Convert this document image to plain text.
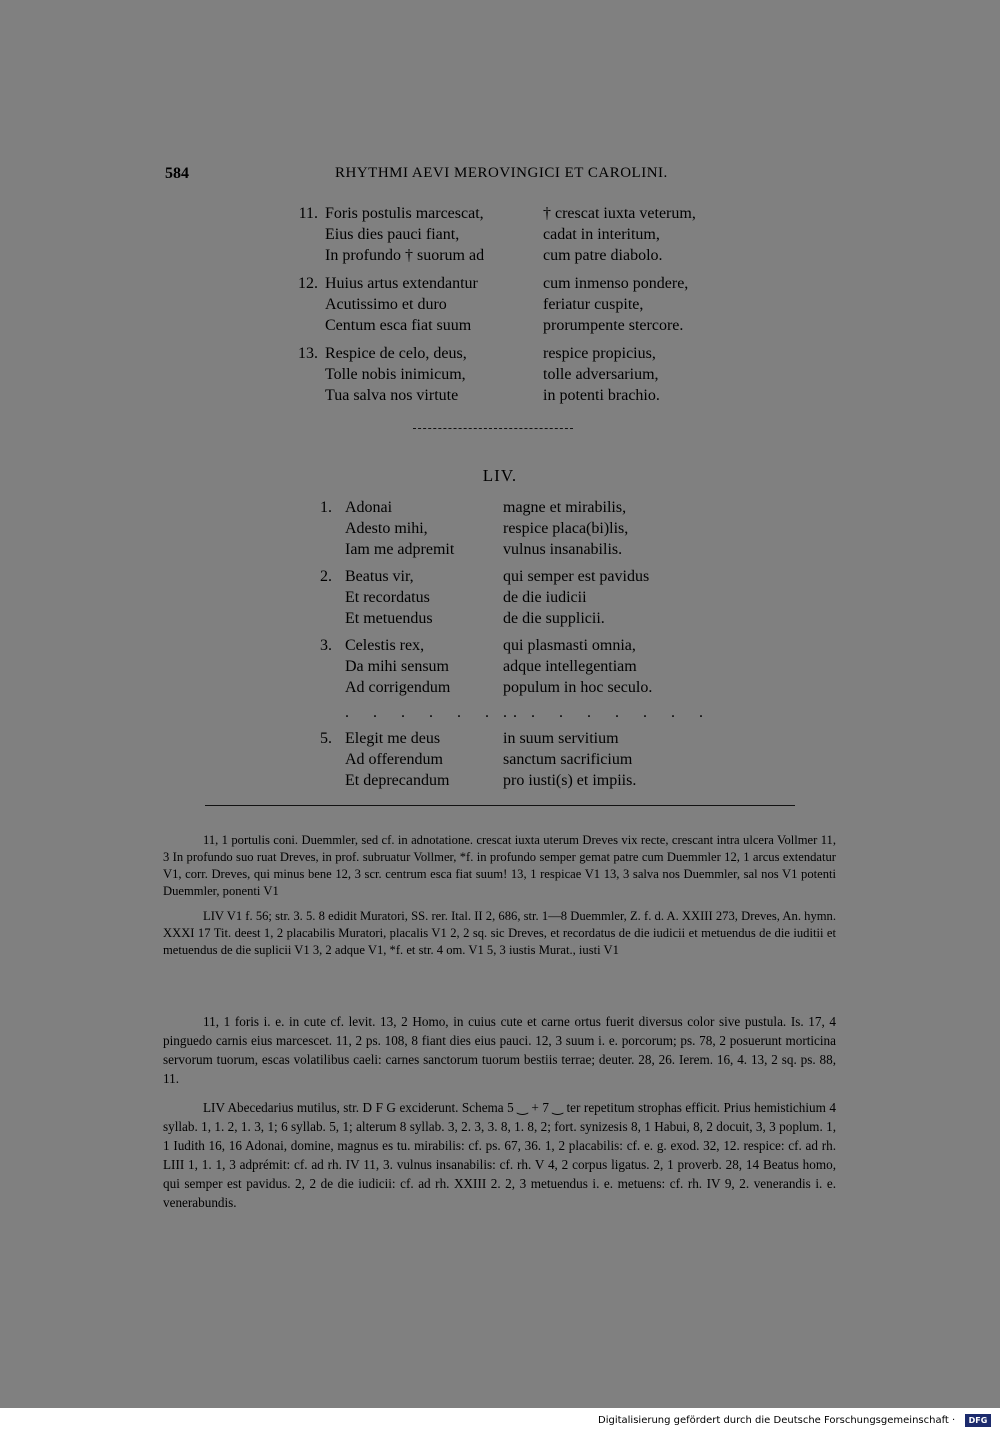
584	RHYTHMI AEVI MEROVINGICI ET CAROLINI.
11. Foris postulis marcescat,	† crescat iuxta veterum,
Eius dies pauci fiant,	cadat in interitum,
In profundo † suorum ad	cum patre diabolo.
12. Huius artus extendantur	cum inmenso pondere,
Acutissimo et duro	feriatur cuspite,
Centum esca fiat suum	prorumpente stercore.
13. Respice de celo, deus,	respice propicius,
Tolle nobis inimicum,	tolle adversarium,
Tua salva nos virtute	in potenti brachio.
LIV.
1. Adonai	magne et mirabilis,
Adesto mihi,	respice placa(bi)lis,
Iam me adpremit	vulnus insanabilis.
2. Beatus vir,	qui semper est pavidus
Et recordatus	de die iudicii
Et metuendus	de die supplicii.
3. Celestis rex,	qui plasmasti omnia,
Da mihi sensum	adque intellegentiam
Ad corrigendum	populum in hoc seculo.
. . . . . . .
. . . . . . . .
5. Elegit me deus	in suum servitium
Ad offerendum	sanctum sacrificium
Et deprecandum	pro iusti(s) et impiis.

11, 1 portulis coni. Duemmler, sed cf. in adnotatione. crescat iuxta uterum Dreves vix recte, crescant intra ulcera Vollmer 11, 3 In profundo suo ruat Dreves, in prof. subruatur Vollmer, *f. in profundo semper gemat patre cum Duemmler 12, 1 arcus extendatur V1, corr. Dreves, qui minus bene 12, 3 scr. centrum esca fiat suum! 13, 1 respicae V1 13, 3 salva nos Duemmler, sal nos V1 potenti Duemmler, ponenti V1

LIV V1 f. 56; str. 3. 5. 8 edidit Muratori, SS. rer. Ital. II 2, 686, str. 1—8 Duemmler, Z. f. d. A. XXIII 273, Dreves, An. hymn. XXXI 17 Tit. deest 1, 2 placabilis Muratori, placalis V1 2, 2 sq. sic Dreves, et recordatus de die iudicii et metuendus de die iuditii et metuendus de die suplicii V1 3, 2 adque V1, *f. et str. 4 om. V1 5, 3 iustis Murat., iusti V1

11, 1 foris i. e. in cute cf. levit. 13, 2 Homo, in cuius cute et carne ortus fuerit diversus color sive pustula. Is. 17, 4 pinguedo carnis eius marcescet. 11, 2 ps. 108, 8 fiant dies eius pauci. 12, 3 suum i. e. porcorum; ps. 78, 2 posuerunt morticina servorum tuorum, escas volatilibus caeli: carnes sanctorum tuorum bestiis terrae; deuter. 28, 26. Ierem. 16, 4. 13, 2 sq. ps. 88, 11.

LIV Abecedarius mutilus, str. D F G exciderunt. Schema 5 ‿ + 7 ‿ ter repetitum strophas efficit. Prius hemistichium 4 syllab. 1, 1. 2, 1. 3, 1; 6 syllab. 5, 1; alterum 8 syllab. 3, 2. 3, 3. 8, 1. 8, 2; fort. synizesis 8, 1 Habui, 8, 2 docuit, 3, 3 poplum. 1, 1 Iudith 16, 16 Adonai, domine, magnus es tu. mirabilis: cf. ps. 67, 36. 1, 2 placabilis: cf. e. g. exod. 32, 12. respice: cf. ad rh. LIII 1, 1. 1, 3 adprémit: cf. ad rh. IV 11, 3. vulnus insanabilis: cf. rh. V 4, 2 corpus ligatus. 2, 1 proverb. 28, 14 Beatus homo, qui semper est pavidus. 2, 2 de die iudicii: cf. ad rh. XXIII 2. 2, 3 metuendus i. e. metuens: cf. rh. IV 9, 2. venerandis i. e. venerabundis.

Digitalisierung gefördert durch die Deutsche Forschungsgemeinschaft ·	DFG
